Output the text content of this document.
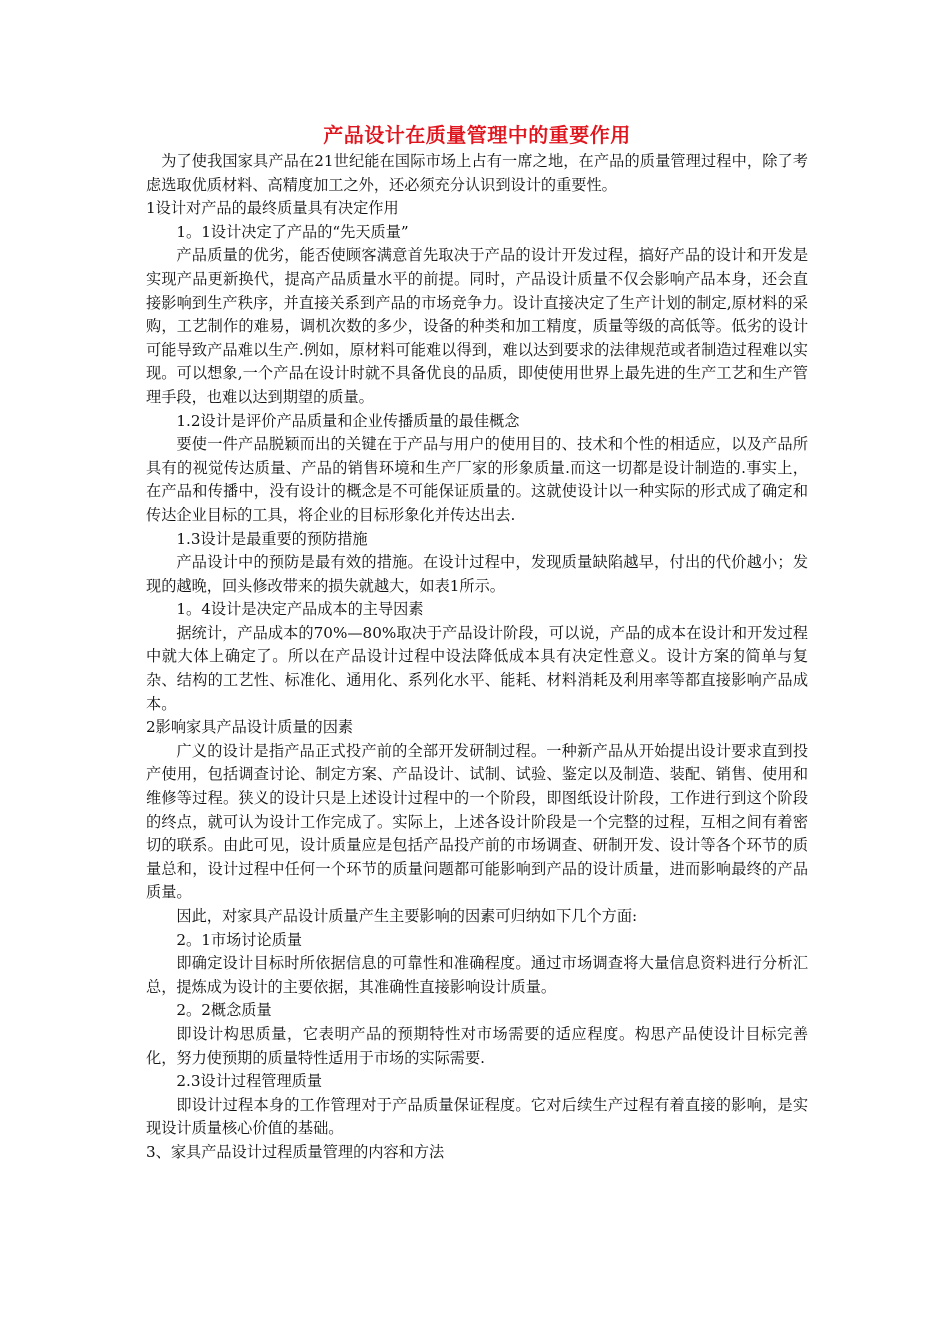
产品设计在质量管理中的重要作用

为了使我国家具产品在21世纪能在国际市场上占有一席之地，在产品的质量管理过程中，除了考虑选取优质材料、高精度加工之外，还必须充分认识到设计的重要性。

1设计对产品的最终质量具有决定作用

1。1设计决定了产品的“先天质量”

产品质量的优劣，能否使顾客满意首先取决于产品的设计开发过程，搞好产品的设计和开发是实现产品更新换代，提高产品质量水平的前提。同时，产品设计质量不仅会影响产品本身，还会直接影响到生产秩序，并直接关系到产品的市场竞争力。设计直接决定了生产计划的制定,原材料的采购，工艺制作的难易，调机次数的多少，设备的种类和加工精度，质量等级的高低等。低劣的设计可能导致产品难以生产.例如，原材料可能难以得到，难以达到要求的法律规范或者制造过程难以实现。可以想象,一个产品在设计时就不具备优良的品质，即使使用世界上最先进的生产工艺和生产管理手段，也难以达到期望的质量。

1.2设计是评价产品质量和企业传播质量的最佳概念

要使一件产品脱颖而出的关键在于产品与用户的使用目的、技术和个性的相适应，以及产品所具有的视觉传达质量、产品的销售环境和生产厂家的形象质量.而这一切都是设计制造的.事实上，在产品和传播中，没有设计的概念是不可能保证质量的。这就使设计以一种实际的形式成了确定和传达企业目标的工具，将企业的目标形象化并传达出去.

1.3设计是最重要的预防措施

产品设计中的预防是最有效的措施。在设计过程中，发现质量缺陷越早，付出的代价越小；发现的越晚，回头修改带来的损失就越大，如表1所示。

1。4设计是决定产品成本的主导因素

据统计，产品成本的70%—80%取决于产品设计阶段，可以说，产品的成本在设计和开发过程中就大体上确定了。所以在产品设计过程中设法降低成本具有决定性意义。设计方案的简单与复杂、结构的工艺性、标准化、通用化、系列化水平、能耗、材料消耗及利用率等都直接影响产品成本。

2影响家具产品设计质量的因素

广义的设计是指产品正式投产前的全部开发研制过程。一种新产品从开始提出设计要求直到投产使用，包括调查讨论、制定方案、产品设计、试制、试验、鉴定以及制造、装配、销售、使用和维修等过程。狭义的设计只是上述设计过程中的一个阶段，即图纸设计阶段，工作进行到这个阶段的终点，就可认为设计工作完成了。实际上，上述各设计阶段是一个完整的过程，互相之间有着密切的联系。由此可见，设计质量应是包括产品投产前的市场调查、研制开发、设计等各个环节的质量总和，设计过程中任何一个环节的质量问题都可能影响到产品的设计质量，进而影响最终的产品质量。

因此，对家具产品设计质量产生主要影响的因素可归纳如下几个方面:

2。1市场讨论质量

即确定设计目标时所依据信息的可靠性和准确程度。通过市场调查将大量信息资料进行分析汇总，提炼成为设计的主要依据，其准确性直接影响设计质量。

2。2概念质量

即设计构思质量，它表明产品的预期特性对市场需要的适应程度。构思产品使设计目标完善化，努力使预期的质量特性适用于市场的实际需要.

2.3设计过程管理质量

即设计过程本身的工作管理对于产品质量保证程度。它对后续生产过程有着直接的影响，是实现设计质量核心价值的基础。

3、家具产品设计过程质量管理的内容和方法
